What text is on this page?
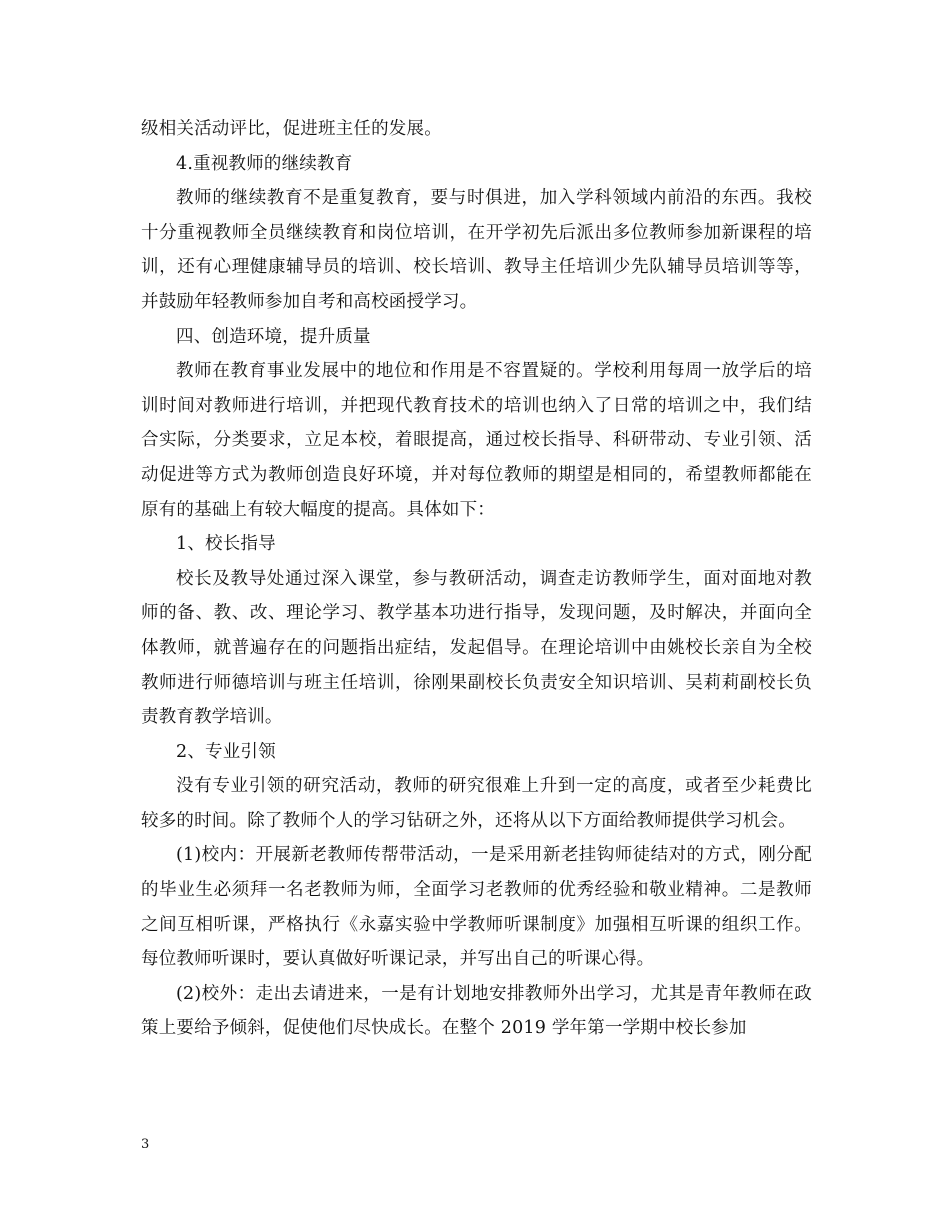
级相关活动评比，促进班主任的发展。

4.重视教师的继续教育

教师的继续教育不是重复教育，要与时俱进，加入学科领域内前沿的东西。我校十分重视教师全员继续教育和岗位培训，在开学初先后派出多位教师参加新课程的培训，还有心理健康辅导员的培训、校长培训、教导主任培训少先队辅导员培训等等，并鼓励年轻教师参加自考和高校函授学习。

四、创造环境，提升质量

教师在教育事业发展中的地位和作用是不容置疑的。学校利用每周一放学后的培训时间对教师进行培训，并把现代教育技术的培训也纳入了日常的培训之中，我们结合实际，分类要求，立足本校，着眼提高，通过校长指导、科研带动、专业引领、活动促进等方式为教师创造良好环境，并对每位教师的期望是相同的，希望教师都能在原有的基础上有较大幅度的提高。具体如下：

1、校长指导

校长及教导处通过深入课堂，参与教研活动，调查走访教师学生，面对面地对教师的备、教、改、理论学习、教学基本功进行指导，发现问题，及时解决，并面向全体教师，就普遍存在的问题指出症结，发起倡导。在理论培训中由姚校长亲自为全校教师进行师德培训与班主任培训，徐刚果副校长负责安全知识培训、吴莉莉副校长负责教育教学培训。

2、专业引领

没有专业引领的研究活动，教师的研究很难上升到一定的高度，或者至少耗费比较多的时间。除了教师个人的学习钻研之外，还将从以下方面给教师提供学习机会。

(1)校内：开展新老教师传帮带活动，一是采用新老挂钩师徒结对的方式，刚分配的毕业生必须拜一名老教师为师，全面学习老教师的优秀经验和敬业精神。二是教师之间互相听课，严格执行《永嘉实验中学教师听课制度》加强相互听课的组织工作。每位教师听课时，要认真做好听课记录，并写出自己的听课心得。

(2)校外：走出去请进来，一是有计划地安排教师外出学习，尤其是青年教师在政策上要给予倾斜，促使他们尽快成长。在整个 2019 学年第一学期中校长参加

3
